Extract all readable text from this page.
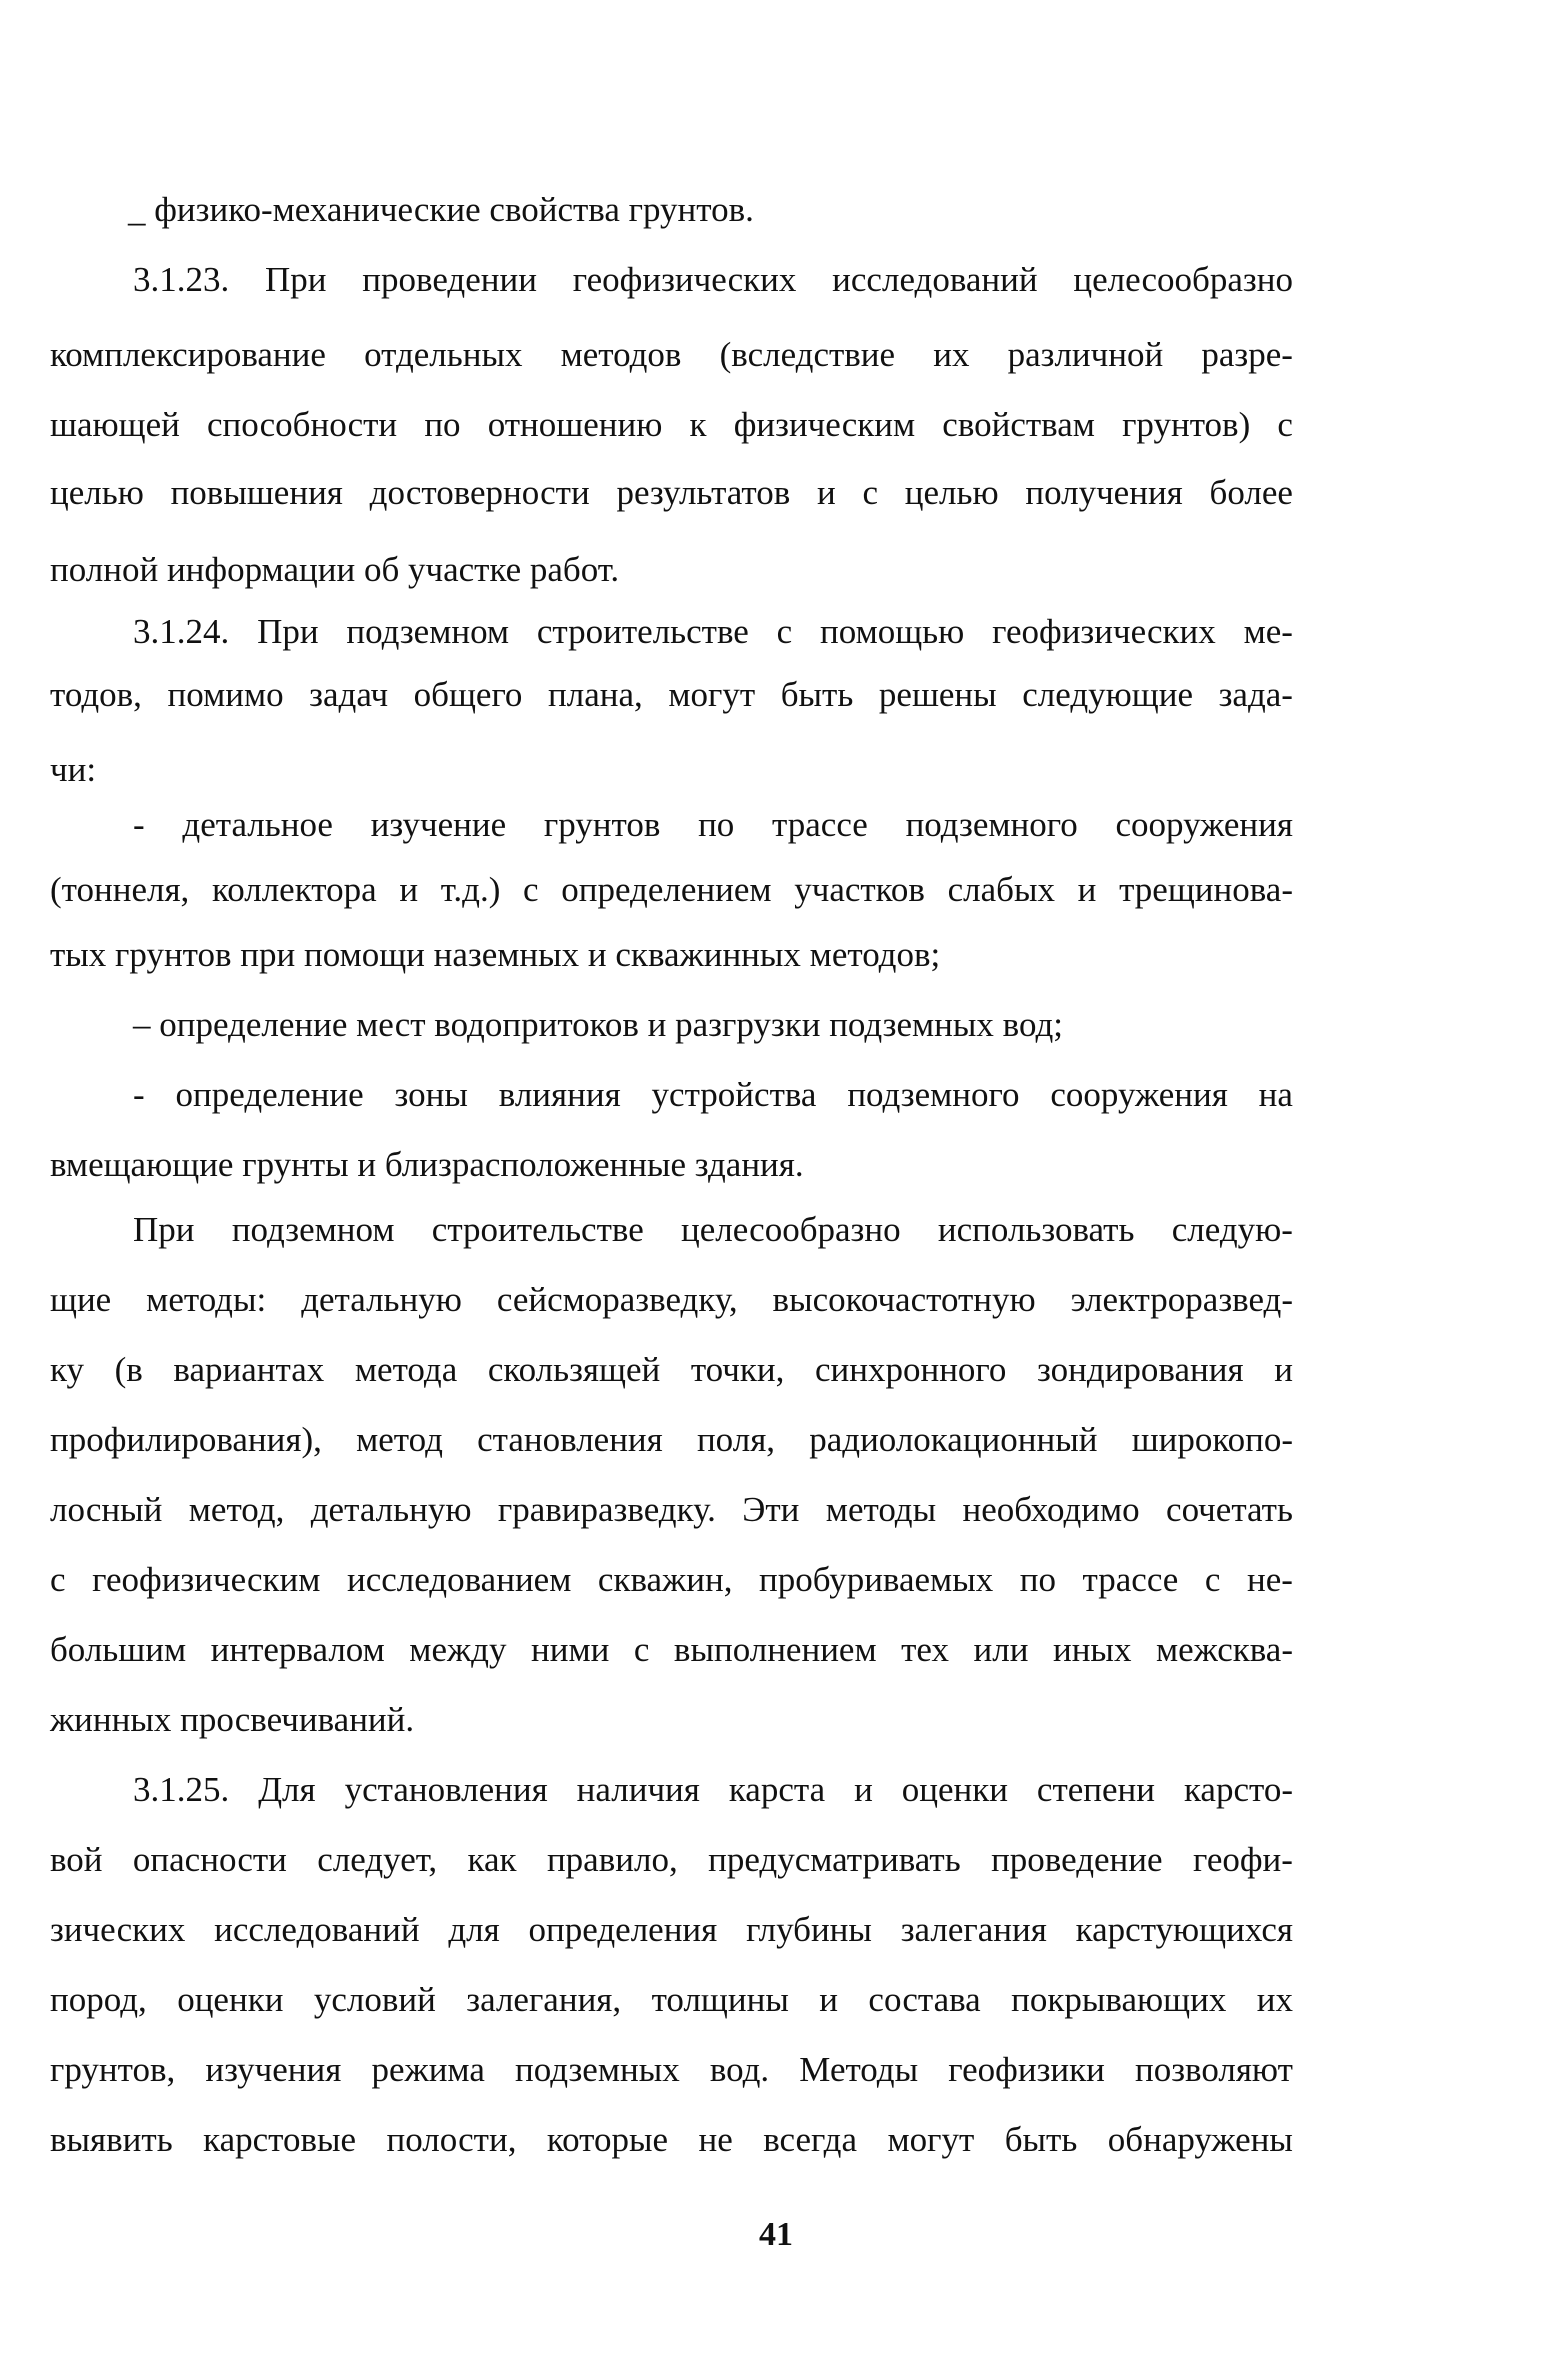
_ физико-механические свойства грунтов.
3.1.23. При проведении геофизических исследований целесообразно
комплексирование отдельных методов (вследствие их различной разре-
шающей способности по отношению к физическим свойствам грунтов) с
целью повышения достоверности результатов и с целью получения более
полной информации об участке работ.
3.1.24. При подземном строительстве с помощью геофизических ме-
тодов, помимо задач общего плана, могут быть решены следующие зада-
чи:
- детальное изучение грунтов по трассе подземного сооружения
(тоннеля, коллектора и т.д.) с определением участков слабых и трещинова-
тых грунтов при помощи наземных и скважинных методов;
– определение мест водопритоков и разгрузки подземных вод;
- определение зоны влияния устройства подземного сооружения на
вмещающие грунты и близрасположенные здания.
При подземном строительстве целесообразно использовать следую-
щие методы: детальную сейсморазведку, высокочастотную электроразвед-
ку (в вариантах метода скользящей точки, синхронного зондирования и
профилирования), метод становления поля, радиолокационный широкопо-
лосный метод, детальную гравиразведку. Эти методы необходимо сочетать
с геофизическим исследованием скважин, пробуриваемых по трассе с не-
большим интервалом между ними с выполнением тех или иных межсква-
жинных просвечиваний.
3.1.25. Для установления наличия карста и оценки степени карсто-
вой опасности следует, как правило, предусматривать проведение геофи-
зических исследований для определения глубины залегания карстующихся
пород, оценки условий залегания, толщины и состава покрывающих их
грунтов, изучения режима подземных вод. Методы геофизики позволяют
выявить карстовые полости, которые не всегда могут быть обнаружены
41
